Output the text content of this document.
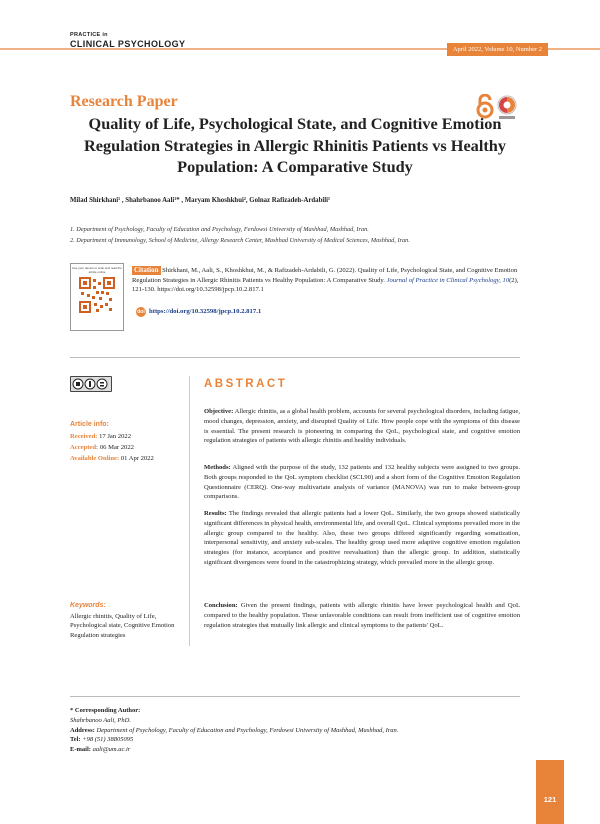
PRACTICE in
CLINICAL PSYCHOLOGY
April 2022, Volume 10, Number 2
Research Paper
Quality of Life, Psychological State, and Cognitive Emotion Regulation Strategies in Allergic Rhinitis Patients vs Healthy Population: A Comparative Study
Milad Shirkhani¹ , Shahrbanoo Aali¹* , Maryam Khoshkhui², Golnaz Rafizadeh-Ardabili¹
1. Department of Psychology, Faculty of Education and Psychology, Ferdowsi University of Mashhad, Mashhad, Iran.
2. Department of Immunology, School of Medicine, Allergy Research Center, Mashhad University of Medical Sciences, Mashhad, Iran.
Use your device to scan and read the article online	Citation Shirkhani, M., Aali, S., Khoshkhui, M., & Rafizadeh-Ardabili, G. (2022). Quality of Life, Psychological State, and Cognitive Emotion Regulation Strategies in Allergic Rhinitis Patients vs Healthy Population: A Comparative Study. Journal of Practice in Clinical Psychology, 10(2), 121-130. https://doi.org/10.32598/jpcp.10.2.817.1
doi https://doi.org/10.32598/jpcp.10.2.817.1
Article info:
Received: 17 Jan 2022
Accepted: 06 Mar 2022
Available Online: 01 Apr 2022
Keywords:
Allergic rhinitis, Quality of Life, Psychological state, Cognitive Emotion Regulation strategies
ABSTRACT
Objective: Allergic rhinitis, as a global health problem, accounts for several psychological disorders, including fatigue, mood changes, depression, anxiety, and disrupted Quality of Life. How people cope with the symptoms of this disease is essential. The present research is pioneering in comparing the QoL, psychological state, and cognitive emotion regulation strategies of patients with allergic rhinitis and healthy individuals.
Methods: Aligned with the purpose of the study, 132 patients and 132 healthy subjects were assigned to two groups. Both groups responded to the QoL symptom checklist (SCL90) and a short form of the Cognitive Emotion Regulation Questionnaire (CERQ). One-way multivariate analysis of variance (MANOVA) was run to make between-group comparisons.
Results: The findings revealed that allergic patients had a lower QoL. Similarly, the two groups showed statistically significant differences in physical health, environmental life, and overall QoL. Clinical symptoms prevailed more in the allergic group compared to the healthy. Also, these two groups differed significantly regarding somatization, interpersonal sensitivity, and anxiety sub-scales. The healthy group used more adaptive cognitive emotion regulation strategies (for instance, acceptance and positive reevaluation) than the allergic group. In addition, statistically significant divergences were found in the catastrophizing strategy, which prevailed more in the allergic group.
Conclusion: Given the present findings, patients with allergic rhinitis have lower psychological health and QoL compared to the healthy population. These unfavorable conditions can result from inefficient use of cognitive emotion regulation strategies that mutually link allergic and clinical symptoms to the patients' QoL.
* Corresponding Author:
Shahrbanoo Aali, PhD.
Address: Department of Psychology, Faculty of Education and Psychology, Ferdowsi University of Mashhad, Mashhad, Iran.
Tel: +98 (51) 38805095
E-mail: aali@um.ac.ir
121
